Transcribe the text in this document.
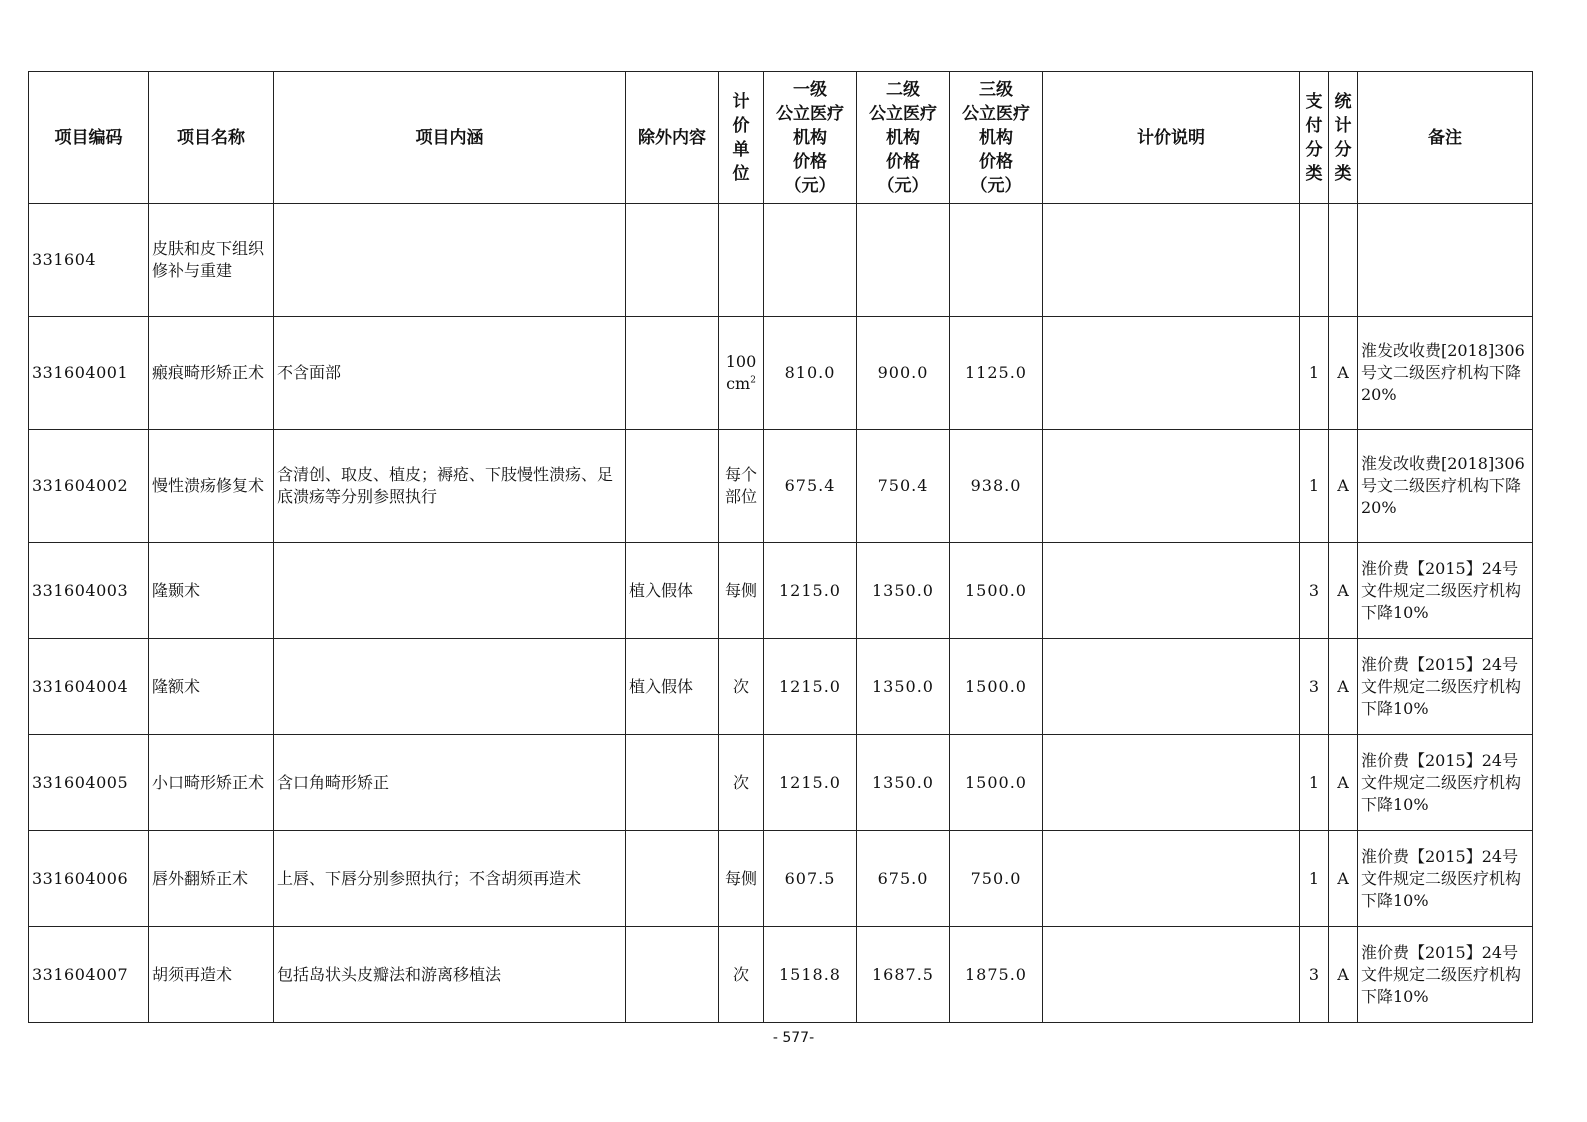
项目编码	项目名称	项目内涵	除外内容	计价单位	一级
公立医疗
机构
价格
（元）	二级
公立医疗
机构
价格
（元）	三级
公立医疗
机构
价格
（元）	计价说明	支付分类	统计分类	备注
331604	皮肤和皮下组织修补与重建										
331604001	瘢痕畸形矫正术	不含面部		$100cm^2$	810.0	900.0	1125.0		1	A	淮发改收费[2018]306号文二级医疗机构下降20%
331604002	慢性溃疡修复术	含清创、取皮、植皮；褥疮、下肢慢性溃疡、足底溃疡等分别参照执行		每个部位	675.4	750.4	938.0		1	A	淮发改收费[2018]306号文二级医疗机构下降20%
331604003	隆颞术		植入假体	每侧	1215.0	1350.0	1500.0		3	A	淮价费【2015】24号文件规定二级医疗机构下降10%
331604004	隆额术		植入假体	次	1215.0	1350.0	1500.0		3	A	淮价费【2015】24号文件规定二级医疗机构下降10%
331604005	小口畸形矫正术	含口角畸形矫正		次	1215.0	1350.0	1500.0		1	A	淮价费【2015】24号文件规定二级医疗机构下降10%
331604006	唇外翻矫正术	上唇、下唇分别参照执行；不含胡须再造术		每侧	607.5	675.0	750.0		1	A	淮价费【2015】24号文件规定二级医疗机构下降10%
331604007	胡须再造术	包括岛状头皮瓣法和游离移植法		次	1518.8	1687.5	1875.0		3	A	淮价费【2015】24号文件规定二级医疗机构下降10%
- 577-
